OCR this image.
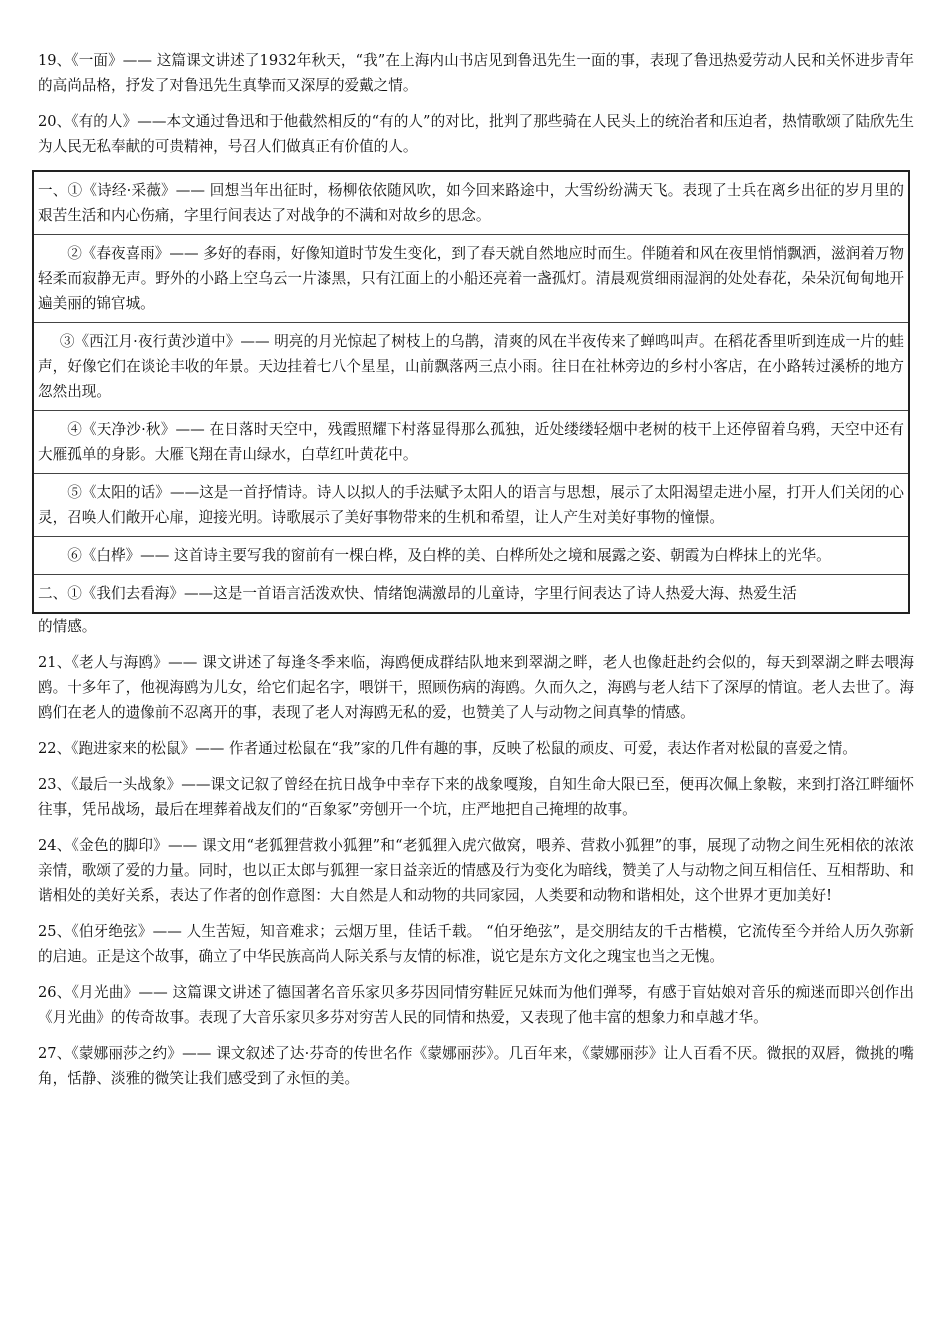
19、《一面》—— 这篇课文讲述了1932年秋天，“我”在上海内山书店见到鲁迅先生一面的事，表现了鲁迅热爱劳动人民和关怀进步青年的高尚品格，抒发了对鲁迅先生真挚而又深厚的爱戴之情。

20、《有的人》——本文通过鲁迅和于他截然相反的“有的人”的对比，批判了那些骑在人民头上的统治者和压迫者，热情歌颂了陆欣先生为人民无私奉献的可贵精神，号召人们做真正有价值的人。

一、①《诗经·采薇》—— 回想当年出征时，杨柳依依随风吹，如今回来路途中，大雪纷纷满天飞。表现了士兵在离乡出征的岁月里的艰苦生活和内心伤痛，字里行间表达了对战争的不满和对故乡的思念。

②《春夜喜雨》—— 多好的春雨，好像知道时节发生变化，到了春天就自然地应时而生。伴随着和风在夜里悄悄飘洒，滋润着万物轻柔而寂静无声。野外的小路上空乌云一片漆黑，只有江面上的小船还亮着一盏孤灯。清晨观赏细雨湿润的处处春花，朵朵沉甸甸地开遍美丽的锦官城。

③《西江月·夜行黄沙道中》—— 明亮的月光惊起了树枝上的乌鹊，清爽的风在半夜传来了蝉鸣叫声。在稻花香里听到连成一片的蛙声，好像它们在谈论丰收的年景。天边挂着七八个星星，山前飘落两三点小雨。往日在社林旁边的乡村小客店，在小路转过溪桥的地方忽然出现。

④《天净沙·秋》—— 在日落时天空中，残霞照耀下村落显得那么孤独，近处缕缕轻烟中老树的枝干上还停留着乌鸦，天空中还有大雁孤单的身影。大雁飞翔在青山绿水，白草红叶黄花中。

⑤《太阳的话》——这是一首抒情诗。诗人以拟人的手法赋予太阳人的语言与思想，展示了太阳渴望走进小屋，打开人们关闭的心灵，召唤人们敞开心扉，迎接光明。诗歌展示了美好事物带来的生机和希望，让人产生对美好事物的憧憬。

⑥《白桦》—— 这首诗主要写我的窗前有一棵白桦，及白桦的美、白桦所处之境和展露之姿、朝霞为白桦抹上的光华。

二、①《我们去看海》——这是一首语言活泼欢快、情绪饱满激昂的儿童诗，字里行间表达了诗人热爱大海、热爱生活

的情感。

21、《老人与海鸥》—— 课文讲述了每逢冬季来临，海鸥便成群结队地来到翠湖之畔，老人也像赶赴约会似的，每天到翠湖之畔去喂海鸥。十多年了，他视海鸥为儿女，给它们起名字，喂饼干，照顾伤病的海鸥。久而久之，海鸥与老人结下了深厚的情谊。老人去世了。海鸥们在老人的遗像前不忍离开的事，表现了老人对海鸥无私的爱，也赞美了人与动物之间真挚的情感。

22、《跑进家来的松鼠》—— 作者通过松鼠在“我”家的几件有趣的事，反映了松鼠的顽皮、可爱，表达作者对松鼠的喜爱之情。

23、《最后一头战象》——课文记叙了曾经在抗日战争中幸存下来的战象嘎羧，自知生命大限已至，便再次佩上象鞍，来到打洛江畔缅怀往事，凭吊战场，最后在埋葬着战友们的“百象冢”旁刨开一个坑，庄严地把自己掩埋的故事。

24、《金色的脚印》—— 课文用“老狐狸营救小狐狸”和“老狐狸入虎穴做窝，喂养、营救小狐狸”的事，展现了动物之间生死相依的浓浓亲情，歌颂了爱的力量。同时，也以正太郎与狐狸一家日益亲近的情感及行为变化为暗线，赞美了人与动物之间互相信任、互相帮助、和谐相处的美好关系，表达了作者的创作意图：大自然是人和动物的共同家园，人类要和动物和谐相处，这个世界才更加美好!

25、《伯牙绝弦》—— 人生苦短，知音难求；云烟万里，佳话千载。 “伯牙绝弦”，是交朋结友的千古楷模，它流传至今并给人历久弥新的启迪。正是这个故事，确立了中华民族高尚人际关系与友情的标准，说它是东方文化之瑰宝也当之无愧。

26、《月光曲》—— 这篇课文讲述了德国著名音乐家贝多芬因同情穷鞋匠兄妹而为他们弹琴，有感于盲姑娘对音乐的痴迷而即兴创作出《月光曲》的传奇故事。表现了大音乐家贝多芬对穷苦人民的同情和热爱，又表现了他丰富的想象力和卓越才华。

27、《蒙娜丽莎之约》—— 课文叙述了达·芬奇的传世名作《蒙娜丽莎》。几百年来，《蒙娜丽莎》让人百看不厌。微抿的双唇，微挑的嘴角，恬静、淡雅的微笑让我们感受到了永恒的美。
